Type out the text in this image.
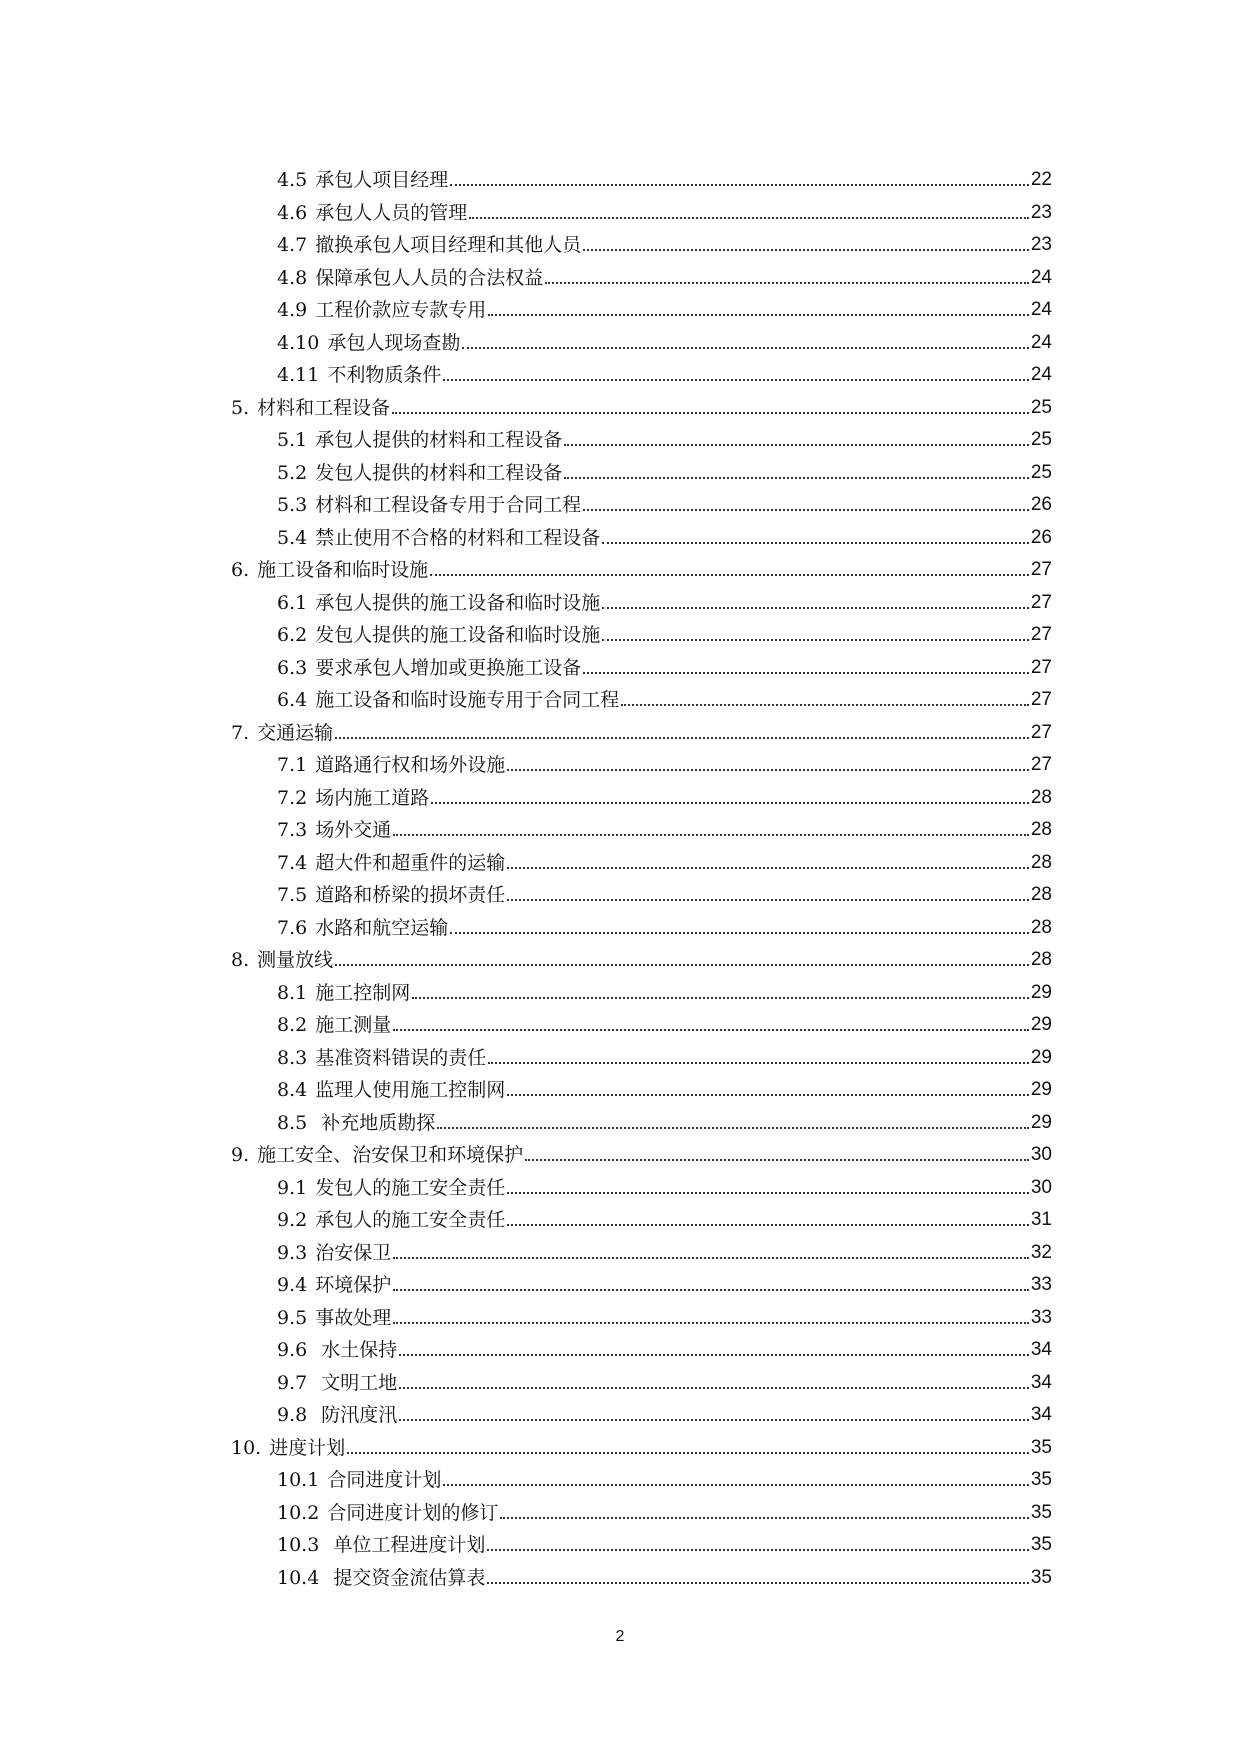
4.5 承包人项目经理	22
4.6 承包人人员的管理	23
4.7 撤换承包人项目经理和其他人员	23
4.8 保障承包人人员的合法权益	24
4.9 工程价款应专款专用	24
4.10 承包人现场查勘	24
4.11 不利物质条件	24
5. 材料和工程设备	25
5.1 承包人提供的材料和工程设备	25
5.2 发包人提供的材料和工程设备	25
5.3 材料和工程设备专用于合同工程	26
5.4 禁止使用不合格的材料和工程设备	26
6. 施工设备和临时设施	27
6.1 承包人提供的施工设备和临时设施	27
6.2 发包人提供的施工设备和临时设施	27
6.3 要求承包人增加或更换施工设备	27
6.4 施工设备和临时设施专用于合同工程	27
7. 交通运输	27
7.1 道路通行权和场外设施	27
7.2 场内施工道路	28
7.3 场外交通	28
7.4 超大件和超重件的运输	28
7.5 道路和桥梁的损坏责任	28
7.6 水路和航空运输	28
8. 测量放线	28
8.1 施工控制网	29
8.2 施工测量	29
8.3 基准资料错误的责任	29
8.4 监理人使用施工控制网	29
8.5 补充地质勘探	29
9. 施工安全、治安保卫和环境保护	30
9.1 发包人的施工安全责任	30
9.2 承包人的施工安全责任	31
9.3 治安保卫	32
9.4 环境保护	33
9.5 事故处理	33
9.6 水土保持	34
9.7 文明工地	34
9.8 防汛度汛	34
10. 进度计划	35
10.1 合同进度计划	35
10.2 合同进度计划的修订	35
10.3 单位工程进度计划	35
10.4 提交资金流估算表	35
2
